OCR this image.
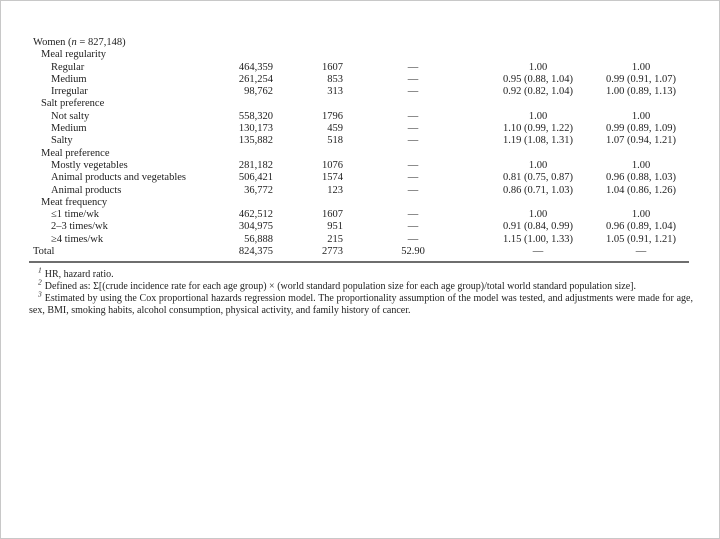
Women (n = 827,148)					
Meal regularity					
Regular	464,359	1607	—	1.00	1.00
Medium	261,254	853	—	0.95 (0.88, 1.04)	0.99 (0.91, 1.07)
Irregular	98,762	313	—	0.92 (0.82, 1.04)	1.00 (0.89, 1.13)
Salt preference					
Not salty	558,320	1796	—	1.00	1.00
Medium	130,173	459	—	1.10 (0.99, 1.22)	0.99 (0.89, 1.09)
Salty	135,882	518	—	1.19 (1.08, 1.31)	1.07 (0.94, 1.21)
Meal preference					
Mostly vegetables	281,182	1076	—	1.00	1.00
Animal products and vegetables	506,421	1574	—	0.81 (0.75, 0.87)	0.96 (0.88, 1.03)
Animal products	36,772	123	—	0.86 (0.71, 1.03)	1.04 (0.86, 1.26)
Meat frequency					
≤1 time/wk	462,512	1607	—	1.00	1.00
2–3 times/wk	304,975	951	—	0.91 (0.84, 0.99)	0.96 (0.89, 1.04)
≥4 times/wk	56,888	215	—	1.15 (1.00, 1.33)	1.05 (0.91, 1.21)
Total	824,375	2773	52.90	—	—

$^1$ HR, hazard ratio.

$^2$ Defined as: Σ[(crude incidence rate for each age group) × (world standard population size for each age group)/total world standard population size].

$^3$ Estimated by using the Cox proportional hazards regression model. The proportionality assumption of the model was tested, and adjustments were made for age, sex, BMI, smoking habits, alcohol consumption, physical activity, and family history of cancer.
